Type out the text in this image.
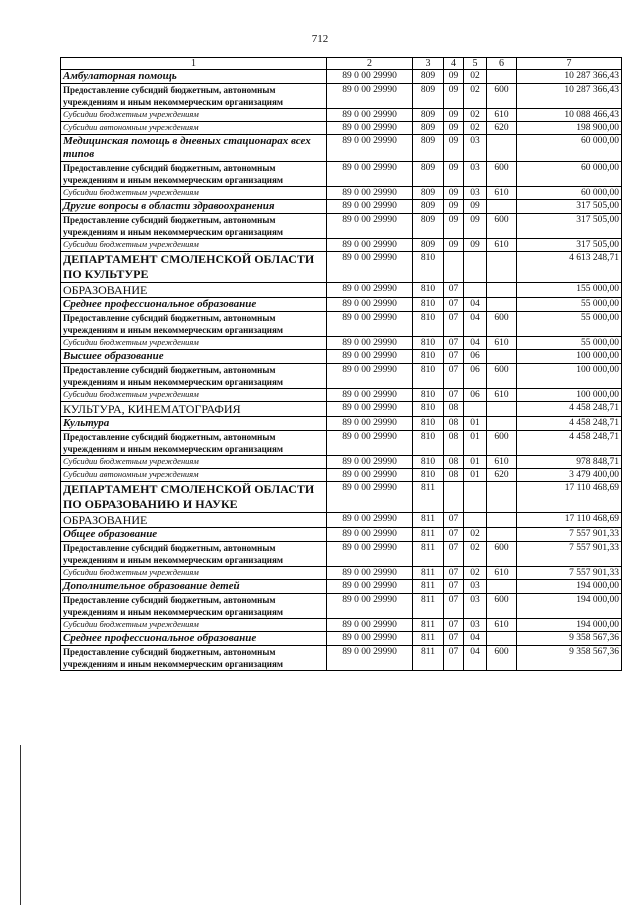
712
1	2	3	4	5	6	7
Амбулаторная помощь	89 0 00 29990	809	09	02		10 287 366,43
Предоставление субсидий бюджетным, автономным учреждениям и иным некоммерческим организациям	89 0 00 29990	809	09	02	600	10 287 366,43
Субсидии бюджетным учреждениям	89 0 00 29990	809	09	02	610	10 088 466,43
Субсидии автономным учреждениям	89 0 00 29990	809	09	02	620	198 900,00
Медицинская помощь в дневных стационарах всех типов	89 0 00 29990	809	09	03		60 000,00
Предоставление субсидий бюджетным, автономным учреждениям и иным некоммерческим организациям	89 0 00 29990	809	09	03	600	60 000,00
Субсидии бюджетным учреждениям	89 0 00 29990	809	09	03	610	60 000,00
Другие вопросы в области здравоохранения	89 0 00 29990	809	09	09		317 505,00
Предоставление субсидий бюджетным, автономным учреждениям и иным некоммерческим организациям	89 0 00 29990	809	09	09	600	317 505,00
Субсидии бюджетным учреждениям	89 0 00 29990	809	09	09	610	317 505,00
ДЕПАРТАМЕНТ СМОЛЕНСКОЙ ОБЛАСТИ ПО КУЛЬТУРЕ	89 0 00 29990	810				4 613 248,71
ОБРАЗОВАНИЕ	89 0 00 29990	810	07			155 000,00
Среднее профессиональное образование	89 0 00 29990	810	07	04		55 000,00
Предоставление субсидий бюджетным, автономным учреждениям и иным некоммерческим организациям	89 0 00 29990	810	07	04	600	55 000,00
Субсидии бюджетным учреждениям	89 0 00 29990	810	07	04	610	55 000,00
Высшее образование	89 0 00 29990	810	07	06		100 000,00
Предоставление субсидий бюджетным, автономным учреждениям и иным некоммерческим организациям	89 0 00 29990	810	07	06	600	100 000,00
Субсидии бюджетным учреждениям	89 0 00 29990	810	07	06	610	100 000,00
КУЛЬТУРА, КИНЕМАТОГРАФИЯ	89 0 00 29990	810	08			4 458 248,71
Культура	89 0 00 29990	810	08	01		4 458 248,71
Предоставление субсидий бюджетным, автономным учреждениям и иным некоммерческим организациям	89 0 00 29990	810	08	01	600	4 458 248,71
Субсидии бюджетным учреждениям	89 0 00 29990	810	08	01	610	978 848,71
Субсидии автономным учреждениям	89 0 00 29990	810	08	01	620	3 479 400,00
ДЕПАРТАМЕНТ СМОЛЕНСКОЙ ОБЛАСТИ ПО ОБРАЗОВАНИЮ И НАУКЕ	89 0 00 29990	811				17 110 468,69
ОБРАЗОВАНИЕ	89 0 00 29990	811	07			17 110 468,69
Общее образование	89 0 00 29990	811	07	02		7 557 901,33
Предоставление субсидий бюджетным, автономным учреждениям и иным некоммерческим организациям	89 0 00 29990	811	07	02	600	7 557 901,33
Субсидии бюджетным учреждениям	89 0 00 29990	811	07	02	610	7 557 901,33
Дополнительное образование детей	89 0 00 29990	811	07	03		194 000,00
Предоставление субсидий бюджетным, автономным учреждениям и иным некоммерческим организациям	89 0 00 29990	811	07	03	600	194 000,00
Субсидии бюджетным учреждениям	89 0 00 29990	811	07	03	610	194 000,00
Среднее профессиональное образование	89 0 00 29990	811	07	04		9 358 567,36
Предоставление субсидий бюджетным, автономным учреждениям и иным некоммерческим организациям	89 0 00 29990	811	07	04	600	9 358 567,36
